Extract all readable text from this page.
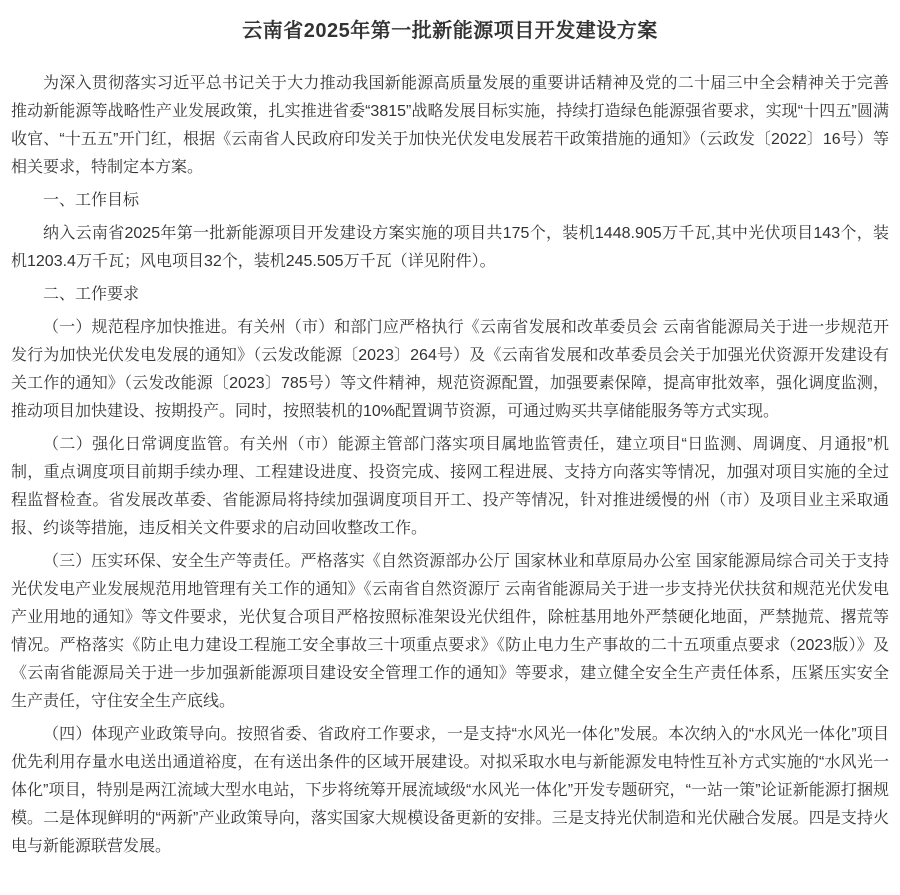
云南省2025年第一批新能源项目开发建设方案

为深入贯彻落实习近平总书记关于大力推动我国新能源高质量发展的重要讲话精神及党的二十届三中全会精神关于完善推动新能源等战略性产业发展政策，扎实推进省委“3815”战略发展目标实施，持续打造绿色能源强省要求，实现“十四五”圆满收官、“十五五”开门红，根据《云南省人民政府印发关于加快光伏发电发展若干政策措施的通知》（云政发〔2022〕16号）等相关要求，特制定本方案。

一、工作目标

纳入云南省2025年第一批新能源项目开发建设方案实施的项目共175个，装机1448.905万千瓦,其中光伏项目143个，装机1203.4万千瓦；风电项目32个，装机245.505万千瓦（详见附件）。

二、工作要求

（一）规范程序加快推进。有关州（市）和部门应严格执行《云南省发展和改革委员会 云南省能源局关于进一步规范开发行为加快光伏发电发展的通知》（云发改能源〔2023〕264号）及《云南省发展和改革委员会关于加强光伏资源开发建设有关工作的通知》（云发改能源〔2023〕785号）等文件精神，规范资源配置，加强要素保障，提高审批效率，强化调度监测，推动项目加快建设、按期投产。同时，按照装机的10%配置调节资源，可通过购买共享储能服务等方式实现。

（二）强化日常调度监管。有关州（市）能源主管部门落实项目属地监管责任，建立项目“日监测、周调度、月通报”机制，重点调度项目前期手续办理、工程建设进度、投资完成、接网工程进展、支持方向落实等情况，加强对项目实施的全过程监督检查。省发展改革委、省能源局将持续加强调度项目开工、投产等情况，针对推进缓慢的州（市）及项目业主采取通报、约谈等措施，违反相关文件要求的启动回收整改工作。

（三）压实环保、安全生产等责任。严格落实《自然资源部办公厅 国家林业和草原局办公室 国家能源局综合司关于支持光伏发电产业发展规范用地管理有关工作的通知》《云南省自然资源厅 云南省能源局关于进一步支持光伏扶贫和规范光伏发电产业用地的通知》等文件要求，光伏复合项目严格按照标准架设光伏组件，除桩基用地外严禁硬化地面，严禁抛荒、撂荒等情况。严格落实《防止电力建设工程施工安全事故三十项重点要求》《防止电力生产事故的二十五项重点要求（2023版）》及《云南省能源局关于进一步加强新能源项目建设安全管理工作的通知》等要求，建立健全安全生产责任体系，压紧压实安全生产责任，守住安全生产底线。

（四）体现产业政策导向。按照省委、省政府工作要求，一是支持“水风光一体化”发展。本次纳入的“水风光一体化”项目优先利用存量水电送出通道裕度，在有送出条件的区域开展建设。对拟采取水电与新能源发电特性互补方式实施的“水风光一体化”项目，特别是两江流域大型水电站，下步将统筹开展流域级“水风光一体化”开发专题研究，“一站一策”论证新能源打捆规模。二是体现鲜明的“两新”产业政策导向，落实国家大规模设备更新的安排。三是支持光伏制造和光伏融合发展。四是支持火电与新能源联营发展。
